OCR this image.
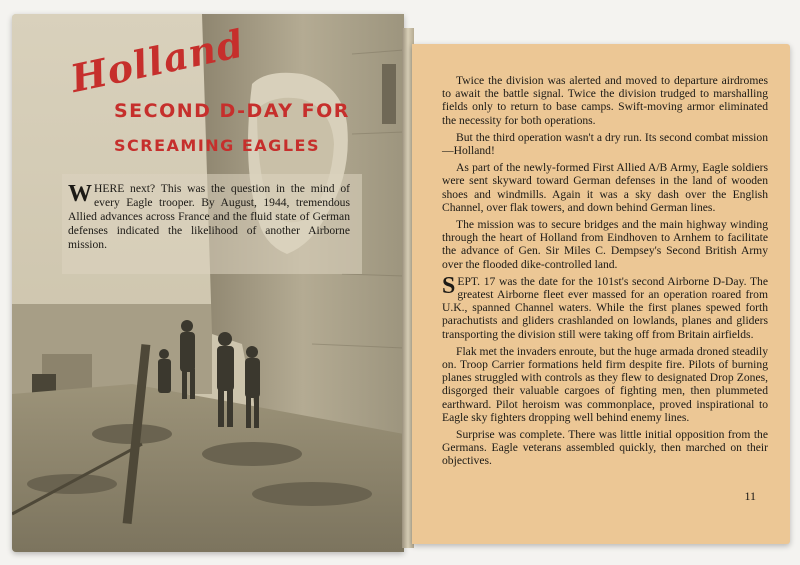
Holland
SECOND D-DAY FOR
SCREAMING EAGLES
WHERE next? This was the question in the mind of every Eagle trooper. By August, 1944, tremendous Allied advances across France and the fluid state of German defenses indicated the likelihood of another Airborne mission.

Twice the division was alerted and moved to departure airdromes to await the battle signal. Twice the division trudged to marshalling fields only to return to base camps. Swift-moving armor eliminated the necessity for both operations.

But the third operation wasn't a dry run. Its second combat mission—Holland!

As part of the newly-formed First Allied A/B Army, Eagle soldiers were sent skyward toward German defenses in the land of wooden shoes and windmills. Again it was a sky dash over the English Channel, over flak towers, and down behind German lines.

The mission was to secure bridges and the main highway winding through the heart of Holland from Eindhoven to Arnhem to facilitate the advance of Gen. Sir Miles C. Dempsey's Second British Army over the flooded dike-controlled land.

SEPT. 17 was the date for the 101st's second Airborne D-Day. The greatest Airborne fleet ever massed for an operation roared from U.K., spanned Channel waters. While the first planes spewed forth parachutists and gliders crashlanded on lowlands, planes and gliders transporting the division still were taking off from Britain airfields.

Flak met the invaders enroute, but the huge armada droned steadily on. Troop Carrier formations held firm despite fire. Pilots of burning planes struggled with controls as they flew to designated Drop Zones, disgorged their valuable cargoes of fighting men, then plummeted earthward. Pilot heroism was commonplace, proved inspirational to Eagle sky fighters dropping well behind enemy lines.

Surprise was complete. There was little initial opposition from the Germans. Eagle veterans assembled quickly, then marched on their objectives.

11
